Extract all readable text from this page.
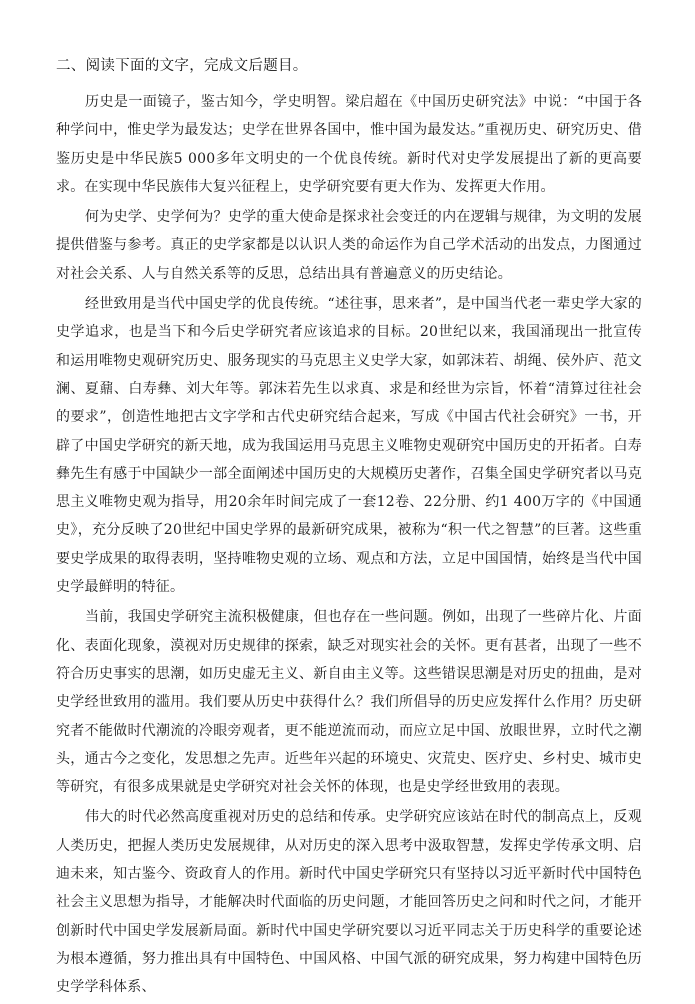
二、阅读下面的文字，完成文后题目。

历史是一面镜子，鉴古知今，学史明智。梁启超在《中国历史研究法》中说：“中国于各种学问中，惟史学为最发达；史学在世界各国中，惟中国为最发达。”重视历史、研究历史、借鉴历史是中华民族5 000多年文明史的一个优良传统。新时代对史学发展提出了新的更高要求。在实现中华民族伟大复兴征程上，史学研究要有更大作为、发挥更大作用。

何为史学、史学何为？史学的重大使命是探求社会变迁的内在逻辑与规律，为文明的发展提供借鉴与参考。真正的史学家都是以认识人类的命运作为自己学术活动的出发点，力图通过对社会关系、人与自然关系等的反思，总结出具有普遍意义的历史结论。

经世致用是当代中国史学的优良传统。“述往事，思来者”，是中国当代老一辈史学大家的史学追求，也是当下和今后史学研究者应该追求的目标。20世纪以来，我国涌现出一批宣传和运用唯物史观研究历史、服务现实的马克思主义史学大家，如郭沫若、胡绳、侯外庐、范文澜、夏鼐、白寿彝、刘大年等。郭沫若先生以求真、求是和经世为宗旨，怀着“清算过往社会的要求”，创造性地把古文字学和古代史研究结合起来，写成《中国古代社会研究》一书，开辟了中国史学研究的新天地，成为我国运用马克思主义唯物史观研究中国历史的开拓者。白寿彝先生有感于中国缺少一部全面阐述中国历史的大规模历史著作，召集全国史学研究者以马克思主义唯物史观为指导，用20余年时间完成了一套12卷、22分册、约1 400万字的《中国通史》，充分反映了20世纪中国史学界的最新研究成果，被称为“积一代之智慧”的巨著。这些重要史学成果的取得表明，坚持唯物史观的立场、观点和方法，立足中国国情，始终是当代中国史学最鲜明的特征。

当前，我国史学研究主流积极健康，但也存在一些问题。例如，出现了一些碎片化、片面化、表面化现象，漠视对历史规律的探索，缺乏对现实社会的关怀。更有甚者，出现了一些不符合历史事实的思潮，如历史虚无主义、新自由主义等。这些错误思潮是对历史的扭曲，是对史学经世致用的滥用。我们要从历史中获得什么？我们所倡导的历史应发挥什么作用？历史研究者不能做时代潮流的冷眼旁观者，更不能逆流而动，而应立足中国、放眼世界，立时代之潮头，通古今之变化，发思想之先声。近些年兴起的环境史、灾荒史、医疗史、乡村史、城市史等研究，有很多成果就是史学研究对社会关怀的体现，也是史学经世致用的表现。

伟大的时代必然高度重视对历史的总结和传承。史学研究应该站在时代的制高点上，反观人类历史，把握人类历史发展规律，从对历史的深入思考中汲取智慧，发挥史学传承文明、启迪未来，知古鉴今、资政育人的作用。新时代中国史学研究只有坚持以习近平新时代中国特色社会主义思想为指导，才能解决时代面临的历史问题，才能回答历史之问和时代之问，才能开创新时代中国史学发展新局面。新时代中国史学研究要以习近平同志关于历史科学的重要论述为根本遵循，努力推出具有中国特色、中国风格、中国气派的研究成果，努力构建中国特色历史学学科体系、
